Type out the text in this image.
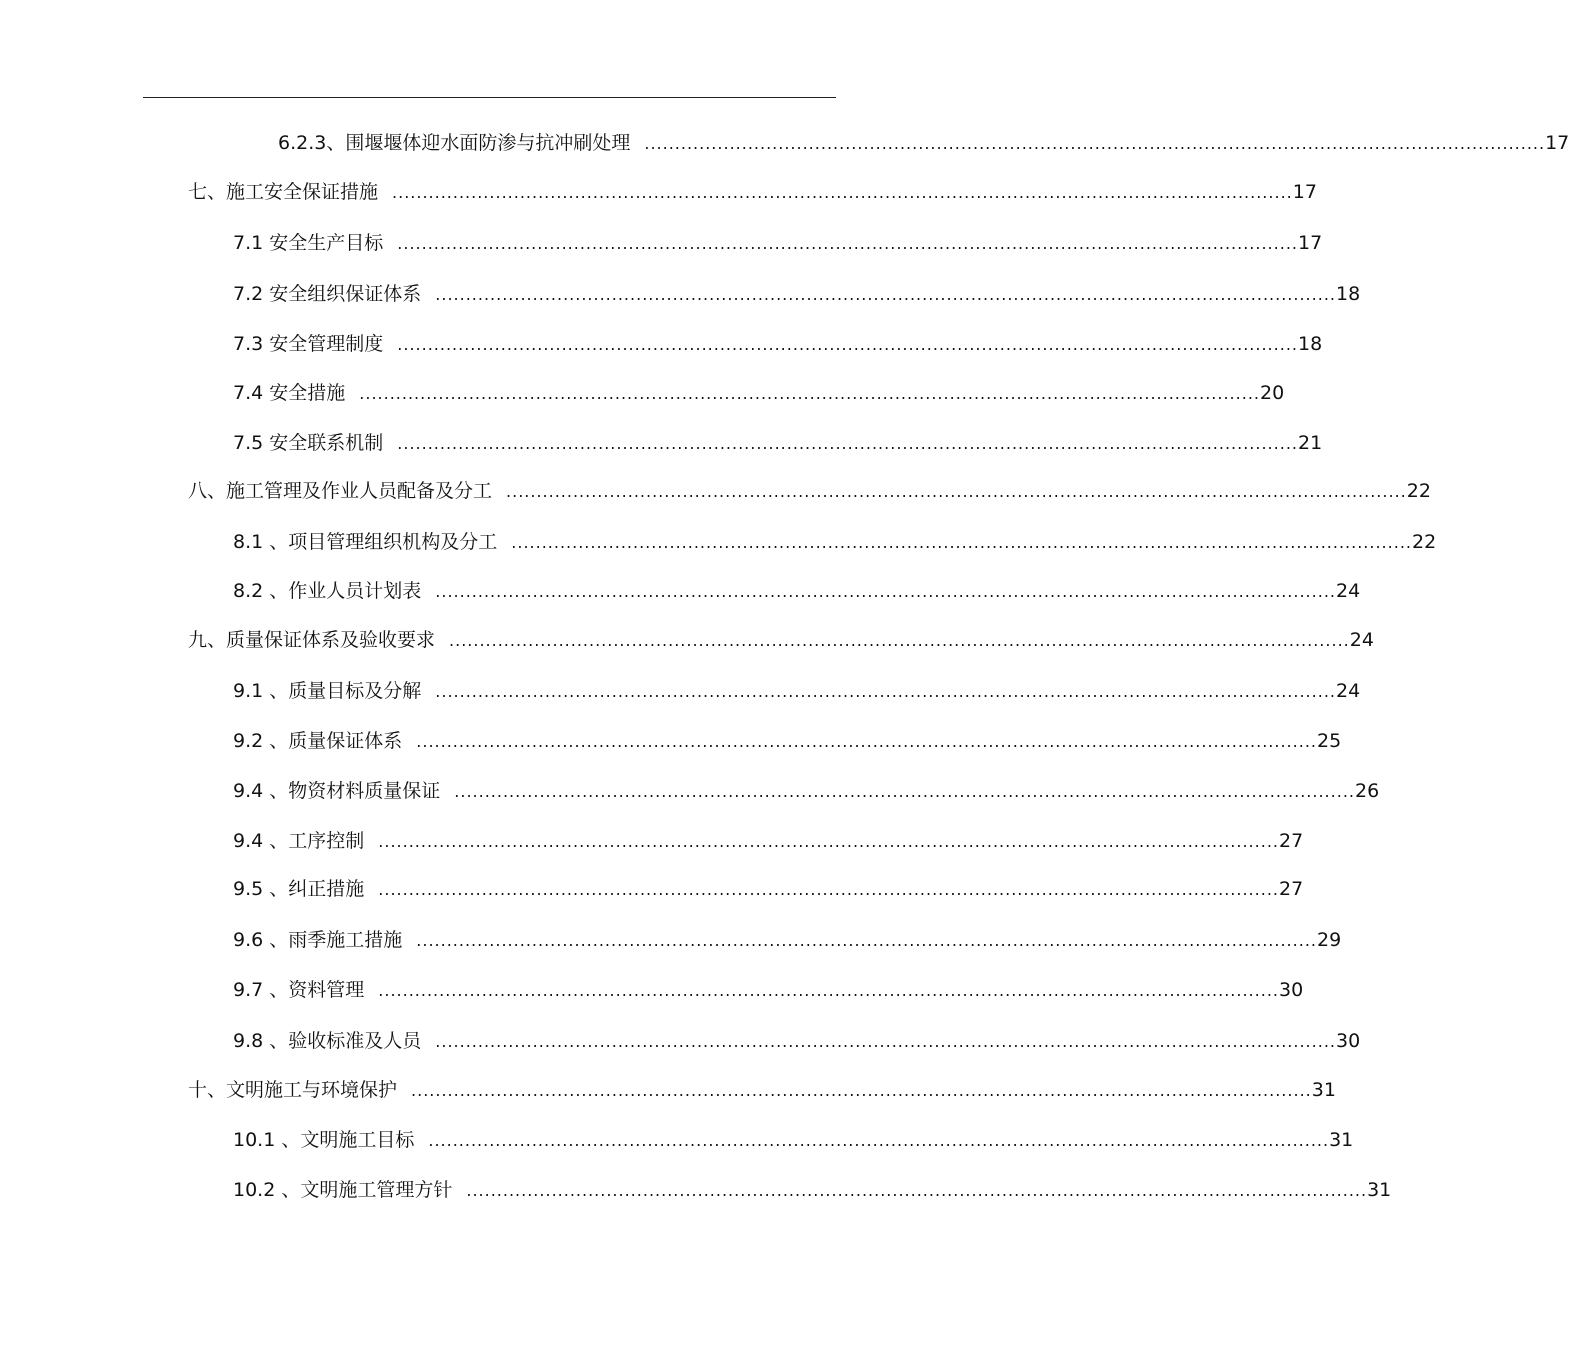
6.2.3、围堰堰体迎水面防渗与抗冲刷处理 .................................................................................................................................................... 17
七、施工安全保证措施 .................................................................................................................................................... 17
7.1 安全生产目标 .................................................................................................................................................... 17
7.2 安全组织保证体系 .................................................................................................................................................... 18
7.3 安全管理制度 .................................................................................................................................................... 18
7.4 安全措施 .................................................................................................................................................... 20
7.5 安全联系机制 .................................................................................................................................................... 21
八、施工管理及作业人员配备及分工 .................................................................................................................................................... 22
8.1 、项目管理组织机构及分工 .................................................................................................................................................... 22
8.2 、作业人员计划表 .................................................................................................................................................... 24
九、质量保证体系及验收要求 .................................................................................................................................................... 24
9.1 、质量目标及分解 .................................................................................................................................................... 24
9.2 、质量保证体系 .................................................................................................................................................... 25
9.4 、物资材料质量保证 .................................................................................................................................................... 26
9.4 、工序控制 .................................................................................................................................................... 27
9.5 、纠正措施 .................................................................................................................................................... 27
9.6 、雨季施工措施 .................................................................................................................................................... 29
9.7 、资料管理 .................................................................................................................................................... 30
9.8 、验收标准及人员 .................................................................................................................................................... 30
十、文明施工与环境保护 .................................................................................................................................................... 31
10.1 、文明施工目标 .................................................................................................................................................... 31
10.2 、文明施工管理方针 .................................................................................................................................................... 31
